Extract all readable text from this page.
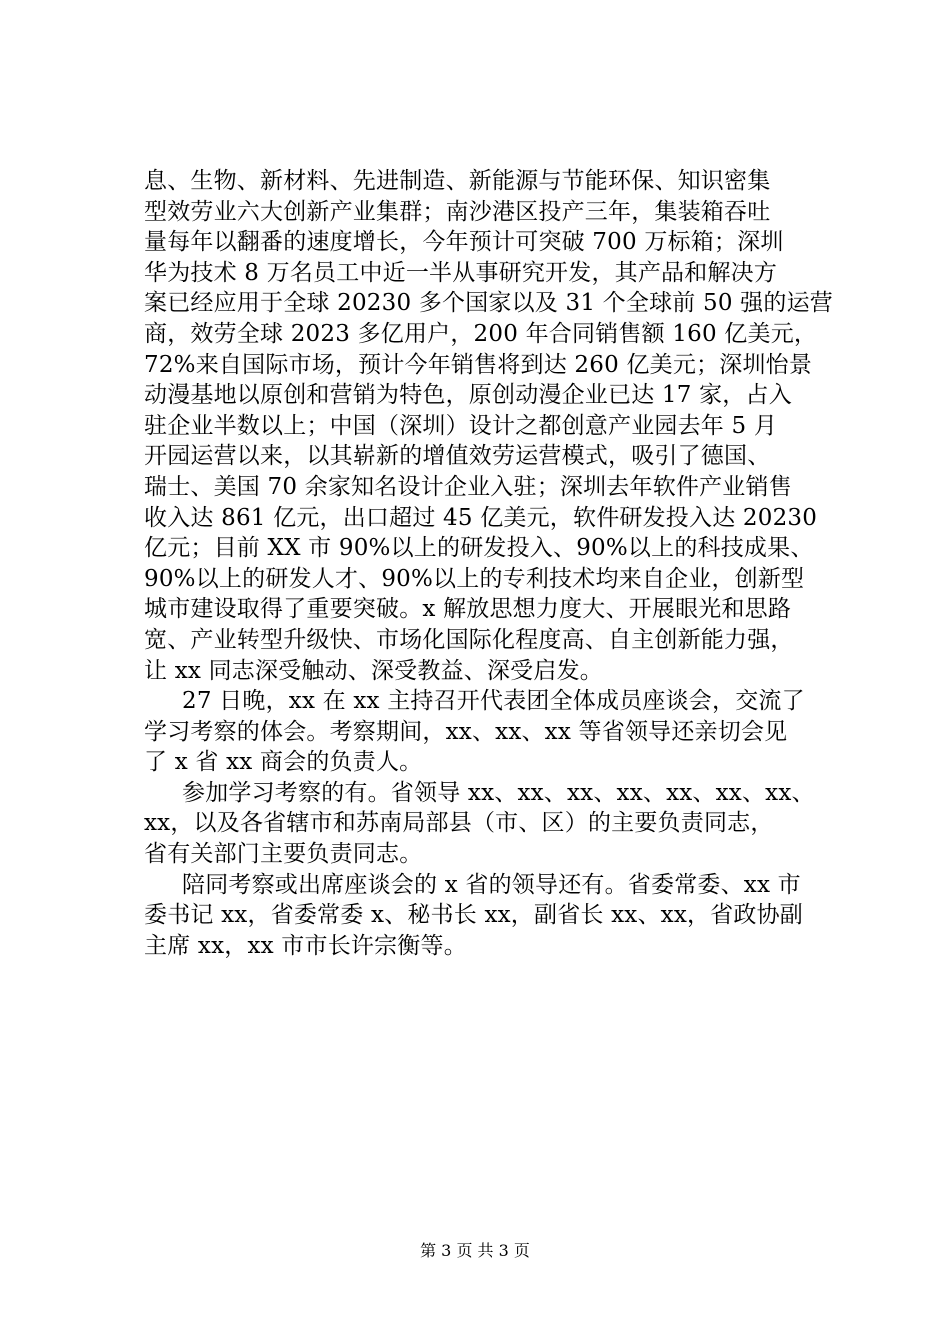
息、生物、新材料、先进制造、新能源与节能环保、知识密集
型效劳业六大创新产业集群；南沙港区投产三年，集装箱吞吐
量每年以翻番的速度增长，今年预计可突破 700 万标箱；深圳
华为技术 8 万名员工中近一半从事研究开发，其产品和解决方
案已经应用于全球 20230 多个国家以及 31 个全球前 50 强的运营
商，效劳全球 2023 多亿用户，200 年合同销售额 160 亿美元，
72%来自国际市场，预计今年销售将到达 260 亿美元；深圳怡景
动漫基地以原创和营销为特色，原创动漫企业已达 17 家，占入
驻企业半数以上；中国（深圳）设计之都创意产业园去年 5 月
开园运营以来，以其崭新的增值效劳运营模式，吸引了德国、
瑞士、美国 70 余家知名设计企业入驻；深圳去年软件产业销售
收入达 861 亿元，出口超过 45 亿美元，软件研发投入达 20230
亿元；目前 XX 市 90%以上的研发投入、90%以上的科技成果、
90%以上的研发人才、90%以上的专利技术均来自企业，创新型
城市建设取得了重要突破。x 解放思想力度大、开展眼光和思路
宽、产业转型升级快、市场化国际化程度高、自主创新能力强，
让 xx 同志深受触动、深受教益、深受启发。
27 日晚，xx 在 xx 主持召开代表团全体成员座谈会，交流了
学习考察的体会。考察期间，xx、xx、xx 等省领导还亲切会见
了 x 省 xx 商会的负责人。
参加学习考察的有。省领导 xx、xx、xx、xx、xx、xx、xx、
xx，以及各省辖市和苏南局部县（市、区）的主要负责同志，
省有关部门主要负责同志。
陪同考察或出席座谈会的 x 省的领导还有。省委常委、xx 市
委书记 xx，省委常委 x、秘书长 xx，副省长 xx、xx，省政协副
主席 xx，xx 市市长许宗衡等。
第 3 页 共 3 页
